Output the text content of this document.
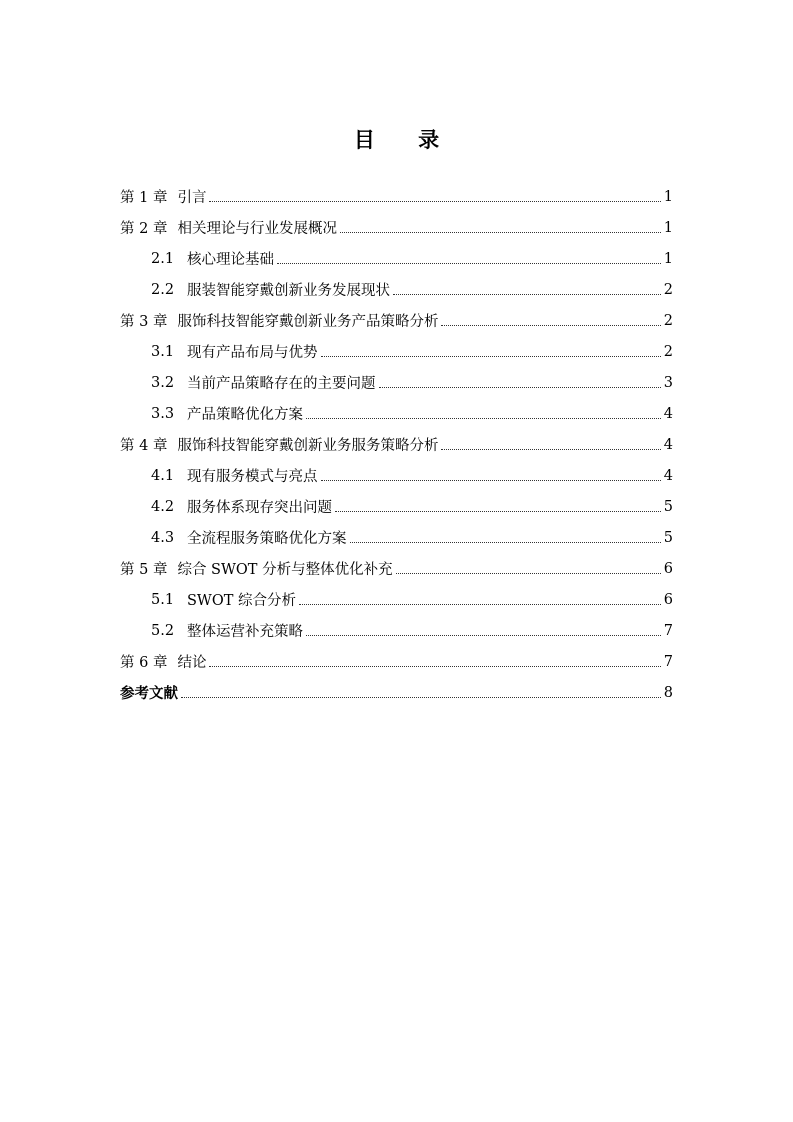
目 录
第 1 章 引言	1
第 2 章 相关理论与行业发展概况	1
2.1 核心理论基础	1
2.2 服装智能穿戴创新业务发展现状	2
第 3 章 服饰科技智能穿戴创新业务产品策略分析	2
3.1 现有产品布局与优势	2
3.2 当前产品策略存在的主要问题	3
3.3 产品策略优化方案	4
第 4 章 服饰科技智能穿戴创新业务服务策略分析	4
4.1 现有服务模式与亮点	4
4.2 服务体系现存突出问题	5
4.3 全流程服务策略优化方案	5
第 5 章 综合 SWOT 分析与整体优化补充	6
5.1 SWOT 综合分析	6
5.2 整体运营补充策略	7
第 6 章 结论	7
参考文献	8
